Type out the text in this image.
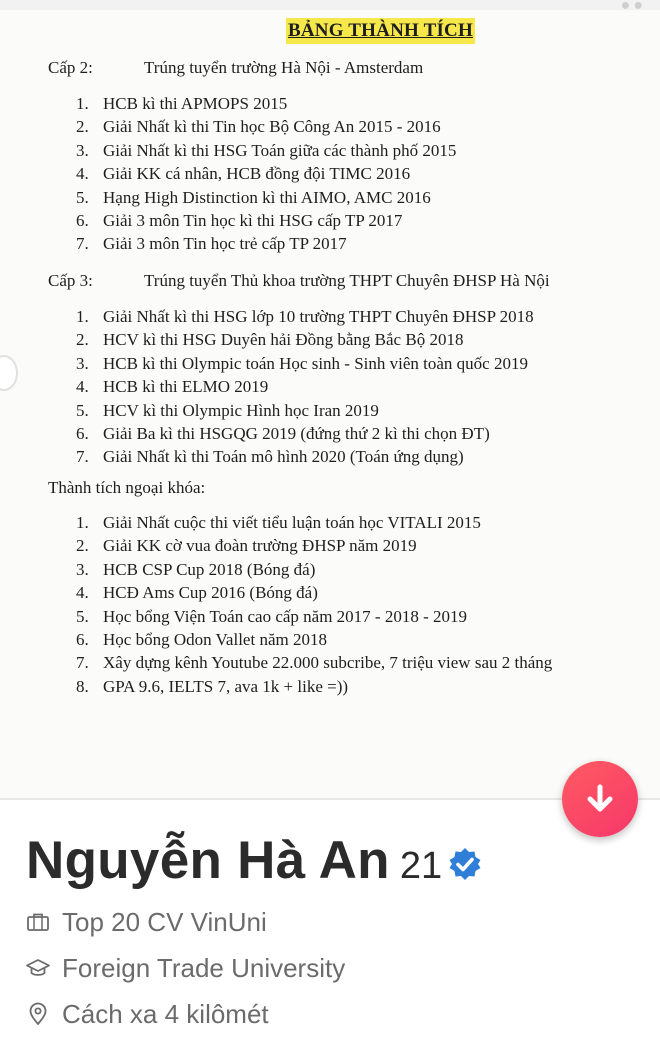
●●
BẢNG THÀNH TÍCH
Cấp 2:	Trúng tuyển trường Hà Nội - Amsterdam
1. HCB kì thi APMOPS 2015
2. Giải Nhất kì thi Tin học Bộ Công An 2015 - 2016
3. Giải Nhất kì thi HSG Toán giữa các thành phố 2015
4. Giải KK cá nhân, HCB đồng đội TIMC 2016
5. Hạng High Distinction kì thi AIMO, AMC 2016
6. Giải 3 môn Tin học kì thi HSG cấp TP 2017
7. Giải 3 môn Tin học trẻ cấp TP 2017
Cấp 3:	Trúng tuyển Thủ khoa trường THPT Chuyên ĐHSP Hà Nội
1. Giải Nhất kì thi HSG lớp 10 trường THPT Chuyên ĐHSP 2018
2. HCV kì thi HSG Duyên hải Đồng bằng Bắc Bộ 2018
3. HCB kì thi Olympic toán Học sinh - Sinh viên toàn quốc 2019
4. HCB kì thi ELMO 2019
5. HCV kì thi Olympic Hình học Iran 2019
6. Giải Ba kì thi HSGQG 2019 (đứng thứ 2 kì thi chọn ĐT)
7. Giải Nhất kì thi Toán mô hình 2020 (Toán ứng dụng)
Thành tích ngoại khóa:
1. Giải Nhất cuộc thi viết tiểu luận toán học VITALI 2015
2. Giải KK cờ vua đoàn trường ĐHSP năm 2019
3. HCB CSP Cup 2018 (Bóng đá)
4. HCĐ Ams Cup 2016 (Bóng đá)
5. Học bổng Viện Toán cao cấp năm 2017 - 2018 - 2019
6. Học bổng Odon Vallet năm 2018
7. Xây dựng kênh Youtube 22.000 subcribe, 7 triệu view sau 2 tháng
8. GPA 9.6, IELTS 7, ava 1k + like =))
Nguyễn Hà An 21
Top 20 CV VinUni
Foreign Trade University
Cách xa 4 kilômét
